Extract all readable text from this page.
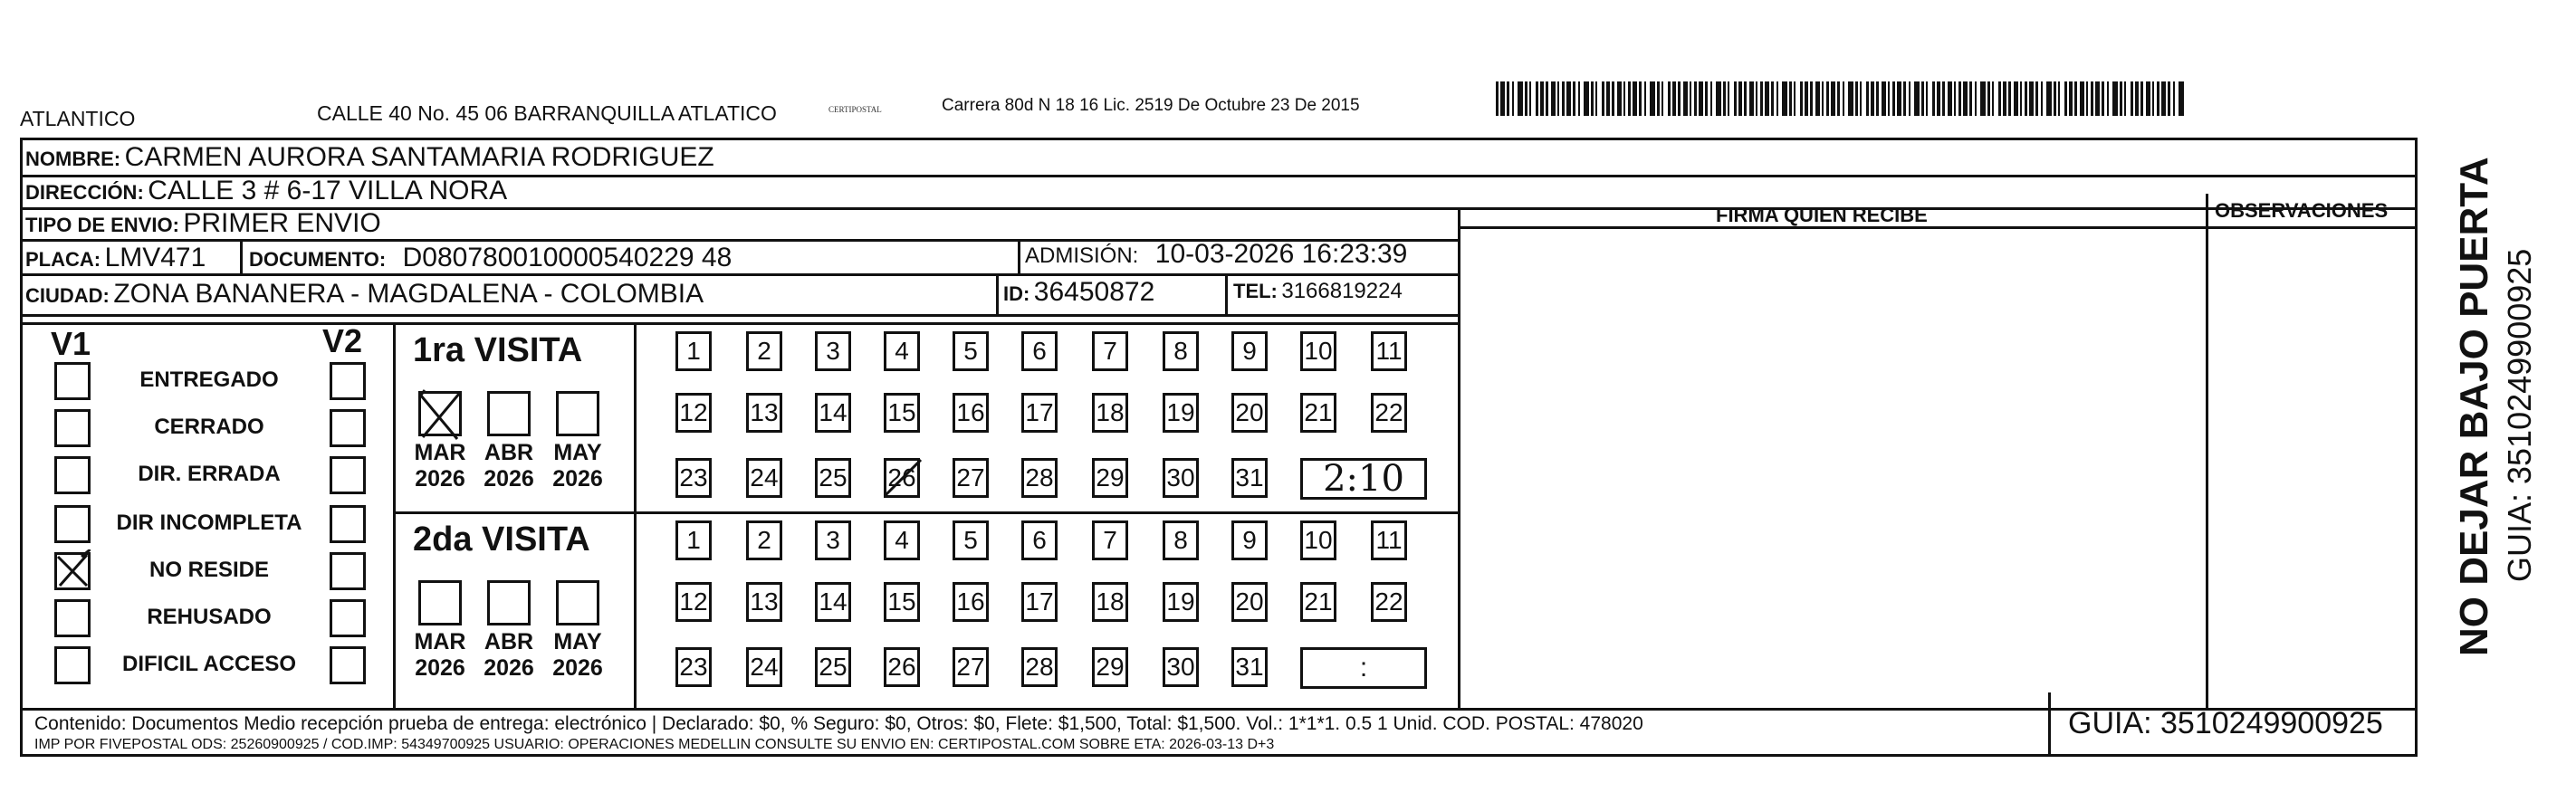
ATLANTICO	CALLE 40 No. 45 06 BARRANQUILLA ATLATICO	CERTIPOSTAL	Carrera 80d N 18 16 Lic. 2519 De Octubre 23 De 2015
NOMBRE: CARMEN AURORA SANTAMARIA RODRIGUEZ
DIRECCIÓN: CALLE 3 # 6-17 VILLA NORA
TIPO DE ENVIO: PRIMER ENVIO	FIRMA QUIEN RECIBE	OBSERVACIONES
PLACA: LMV471 DOCUMENTO: D080780010000540229 48	ADMISIÓN: 10-03-2026 16:23:39
CIUDAD: ZONA BANANERA - MAGDALENA - COLOMBIA	ID: 36450872	TEL: 3166819224
V1	V2
ENTREGADO
CERRADO
DIR. ERRADA
DIR INCOMPLETA
NO RESIDE
REHUSADO
DIFICIL ACCESO
1ra VISITA
MAR
2026
ABR
2026
MAY
2026
1 2 3 4 5 6 7 8 9 10 11
12 13 14 15 16 17 18 19 20 21 22
23 24 25 26 27 28 29 30 31	2:10
2da VISITA
MAR
2026
ABR
2026
MAY
2026
1 2 3 4 5 6 7 8 9 10 11
12 13 14 15 16 17 18 19 20 21 22
23 24 25 26 27 28 29 30 31	:
Contenido: Documentos Medio recepción prueba de entrega: electrónico | Declarado: $0, % Seguro: $0, Otros: $0, Flete: $1,500, Total: $1,500. Vol.: 1*1*1. 0.5 1 Unid. COD. POSTAL: 478020
IMP POR FIVEPOSTAL ODS: 25260900925 / COD.IMP: 54349700925 USUARIO: OPERACIONES MEDELLIN CONSULTE SU ENVIO EN: CERTIPOSTAL.COM SOBRE ETA: 2026-03-13 D+3
GUIA: 3510249900925
NO DEJAR BAJO PUERTA GUIA: 3510249900925
